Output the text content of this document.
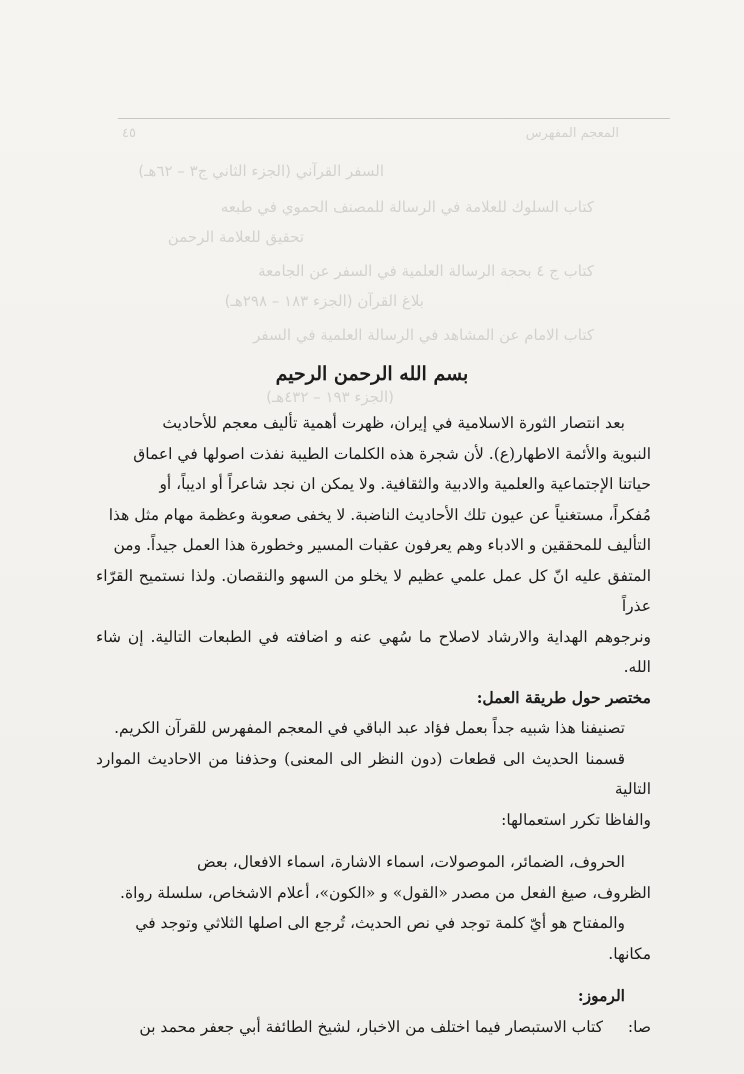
٤٥	المعجم المفهرس
السفر القرآني (الجزء الثاني ج٣ – ٦٢هـ)
كتاب السلوك للعلامة في الرسالة للمصنف الحموي في طبعه
تحقيق للعلامة الرحمن
كتاب ج ٤ بحجة الرسالة العلمية في السفر عن الجامعة
بلاغ القرآن (الجزء ١٨٣ – ٢٩٨هـ)
كتاب الامام عن المشاهد في الرسالة العلمية في السفر
(الجزء ١٩٣ – ٤٣٢هـ)
بسم الله الرحمن الرحيم

بعد انتصار الثورة الاسلامية في إيران، ظهرت أهمية تأليف معجم للأحاديث

النبوية والأئمة الاطهار(ع). لأن شجرة هذه الكلمات الطيبة نفذت اصولها في اعماق

حياتنا الإجتماعية والعلمية والادبية والثقافية. ولا يمكن ان نجد شاعراً أو اديباً، أو

مُفكراً، مستغنياً عن عيون تلك الأحاديث الناضبة. لا يخفى صعوبة وعظمة مهام مثل هذا

التأليف للمحققين و الادباء وهم يعرفون عقبات المسير وخطورة هذا العمل جيداً. ومن

المتفق عليه انّ كل عمل علمي عظيم لا يخلو من السهو والنقصان. ولذا نستميح القرّاء عذراً

ونرجوهم الهداية والارشاد لاصلاح ما سُهي عنه و اضافته في الطبعات التالية. إن شاء الله.

مختصر حول طريقة العمل:

تصنيفنا هذا شبيه جداً بعمل فؤاد عبد الباقي في المعجم المفهرس للقرآن الكريم.

قسمنا الحديث الى قطعات (دون النظر الى المعنى) وحذفنا من الاحاديث الموارد التالية

والفاظا تكرر استعمالها:

الحروف، الضمائر، الموصولات، اسماء الاشارة، اسماء الافعال، بعض

الظروف، صيغ الفعل من مصدر «القول» و «الكون»، أعلام الاشخاص، سلسلة رواة.

والمفتاح هو أيّ كلمة توجد في نص الحديث، تُرجع الى اصلها الثلاثي وتوجد في

مكانها.

الرموز:

صا:
كتاب الاستبصار فيما اختلف من الاخبار، لشيخ الطائفة أبي جعفر محمد بن
